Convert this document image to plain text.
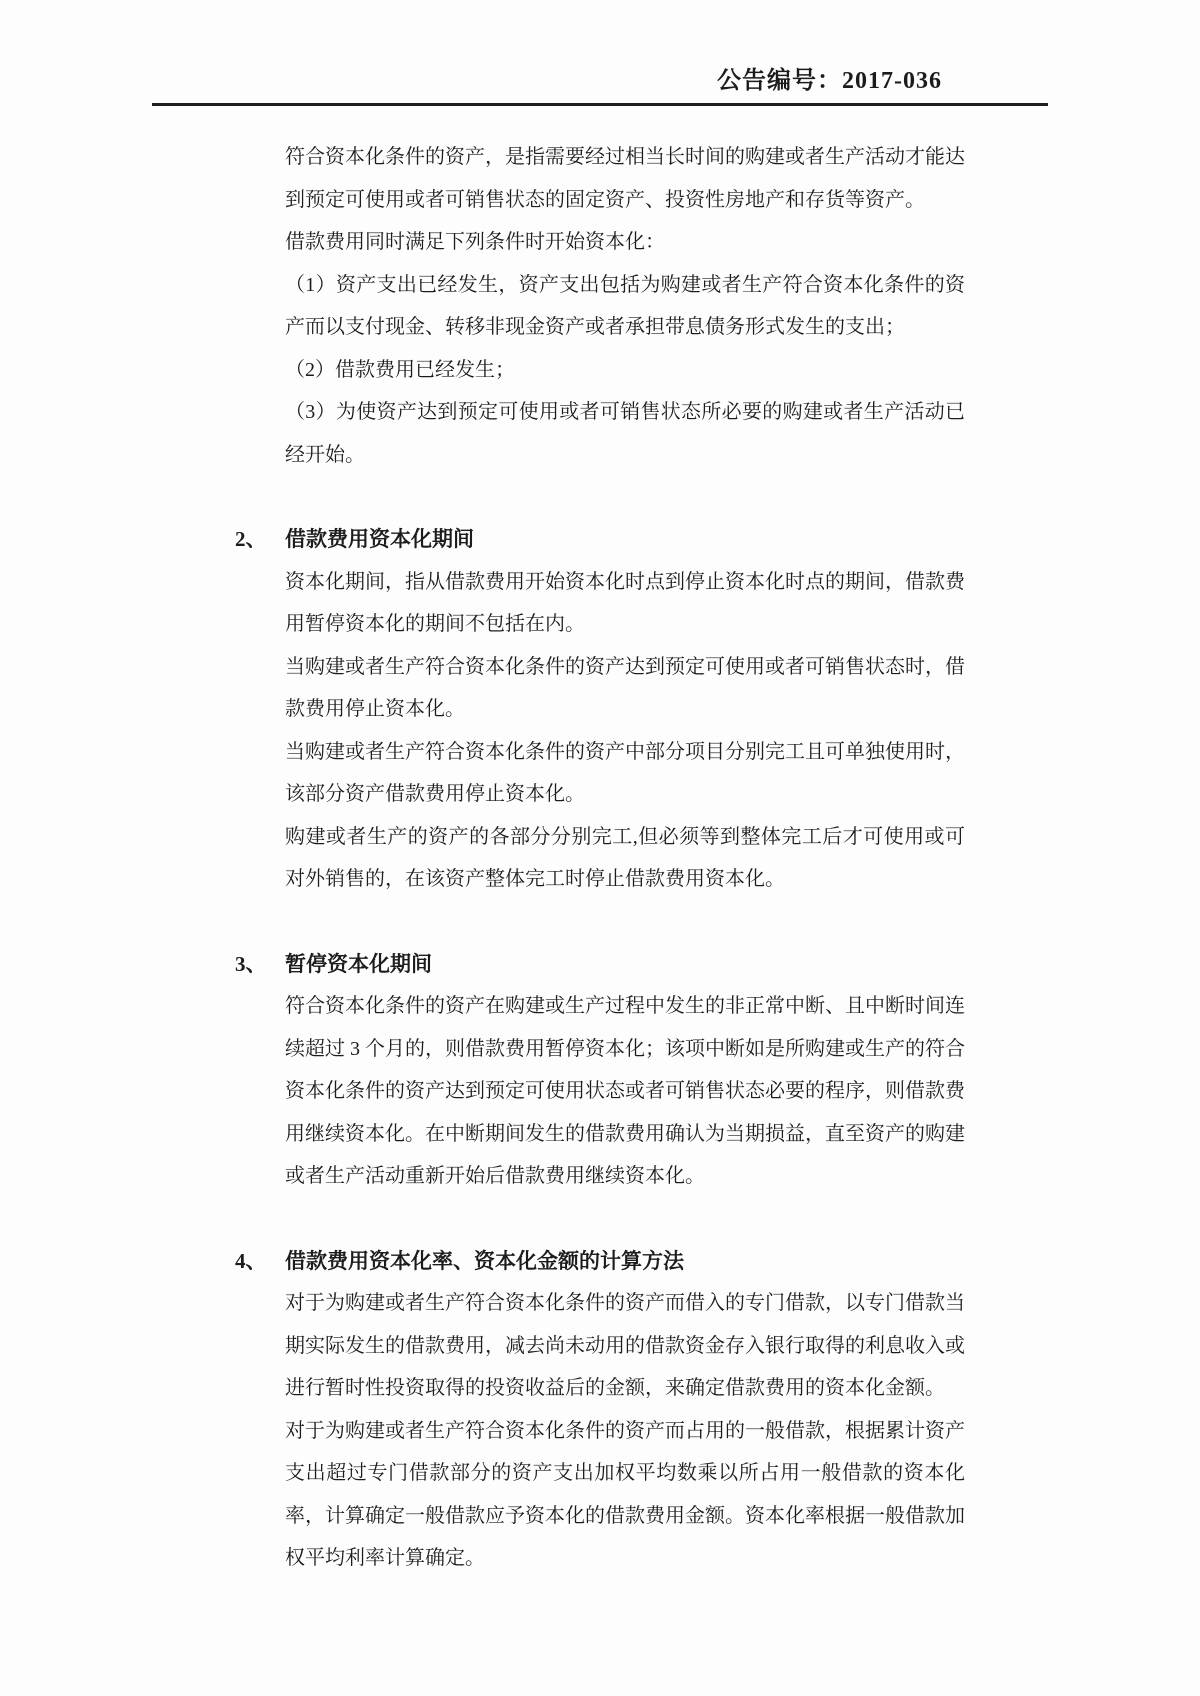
公告编号：2017-036

符合资本化条件的资产，是指需要经过相当长时间的购建或者生产活动才能达到预定可使用或者可销售状态的固定资产、投资性房地产和存货等资产。

借款费用同时满足下列条件时开始资本化：

（1）资产支出已经发生，资产支出包括为购建或者生产符合资本化条件的资产而以支付现金、转移非现金资产或者承担带息债务形式发生的支出；

（2）借款费用已经发生；

（3）为使资产达到预定可使用或者可销售状态所必要的购建或者生产活动已经开始。

2、 借款费用资本化期间

资本化期间，指从借款费用开始资本化时点到停止资本化时点的期间，借款费用暂停资本化的期间不包括在内。

当购建或者生产符合资本化条件的资产达到预定可使用或者可销售状态时，借款费用停止资本化。

当购建或者生产符合资本化条件的资产中部分项目分别完工且可单独使用时，该部分资产借款费用停止资本化。

购建或者生产的资产的各部分分别完工,但必须等到整体完工后才可使用或可对外销售的，在该资产整体完工时停止借款费用资本化。

3、 暂停资本化期间

符合资本化条件的资产在购建或生产过程中发生的非正常中断、且中断时间连续超过 3 个月的，则借款费用暂停资本化；该项中断如是所购建或生产的符合资本化条件的资产达到预定可使用状态或者可销售状态必要的程序，则借款费用继续资本化。在中断期间发生的借款费用确认为当期损益，直至资产的购建或者生产活动重新开始后借款费用继续资本化。

4、 借款费用资本化率、资本化金额的计算方法

对于为购建或者生产符合资本化条件的资产而借入的专门借款，以专门借款当期实际发生的借款费用，减去尚未动用的借款资金存入银行取得的利息收入或进行暂时性投资取得的投资收益后的金额，来确定借款费用的资本化金额。

对于为购建或者生产符合资本化条件的资产而占用的一般借款，根据累计资产支出超过专门借款部分的资产支出加权平均数乘以所占用一般借款的资本化率，计算确定一般借款应予资本化的借款费用金额。资本化率根据一般借款加权平均利率计算确定。
